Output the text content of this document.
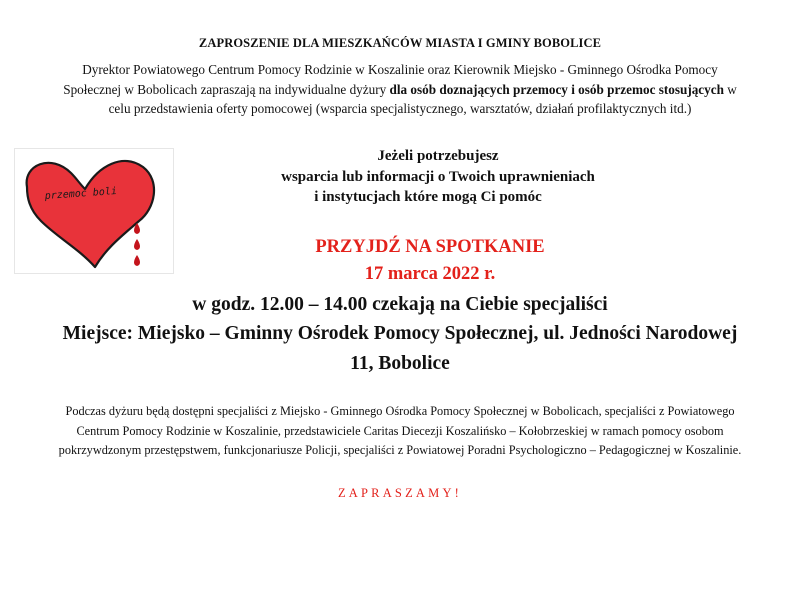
ZAPROSZENIE DLA MIESZKAŃCÓW MIASTA I GMINY BOBOLICE
Dyrektor Powiatowego Centrum Pomocy Rodzinie w Koszalinie oraz Kierownik Miejsko - Gminnego Ośrodka Pomocy Społecznej w Bobolicach zapraszają na indywidualne dyżury dla osób doznających przemocy i osób przemoc stosujących w celu przedstawienia oferty pomocowej (wsparcia specjalistycznego, warsztatów, działań profilaktycznych itd.)
przemoc boli
Jeżeli potrzebujesz
wsparcia lub informacji o Twoich uprawnieniach
i instytucjach które mogą Ci pomóc
PRZYJDŹ NA SPOTKANIE
17 marca 2022 r.
w godz. 12.00 – 14.00 czekają na Ciebie specjaliści
Miejsce: Miejsko – Gminny Ośrodek Pomocy Społecznej, ul. Jedności Narodowej 11, Bobolice
Podczas dyżuru będą dostępni specjaliści z Miejsko - Gminnego Ośrodka Pomocy Społecznej w Bobolicach, specjaliści z Powiatowego Centrum Pomocy Rodzinie w Koszalinie, przedstawiciele Caritas Diecezji Koszalińsko – Kołobrzeskiej w ramach pomocy osobom pokrzywdzonym przestępstwem, funkcjonariusze Policji, specjaliści z Powiatowej Poradni Psychologiczno – Pedagogicznej w Koszalinie.
ZAPRASZAMY!
